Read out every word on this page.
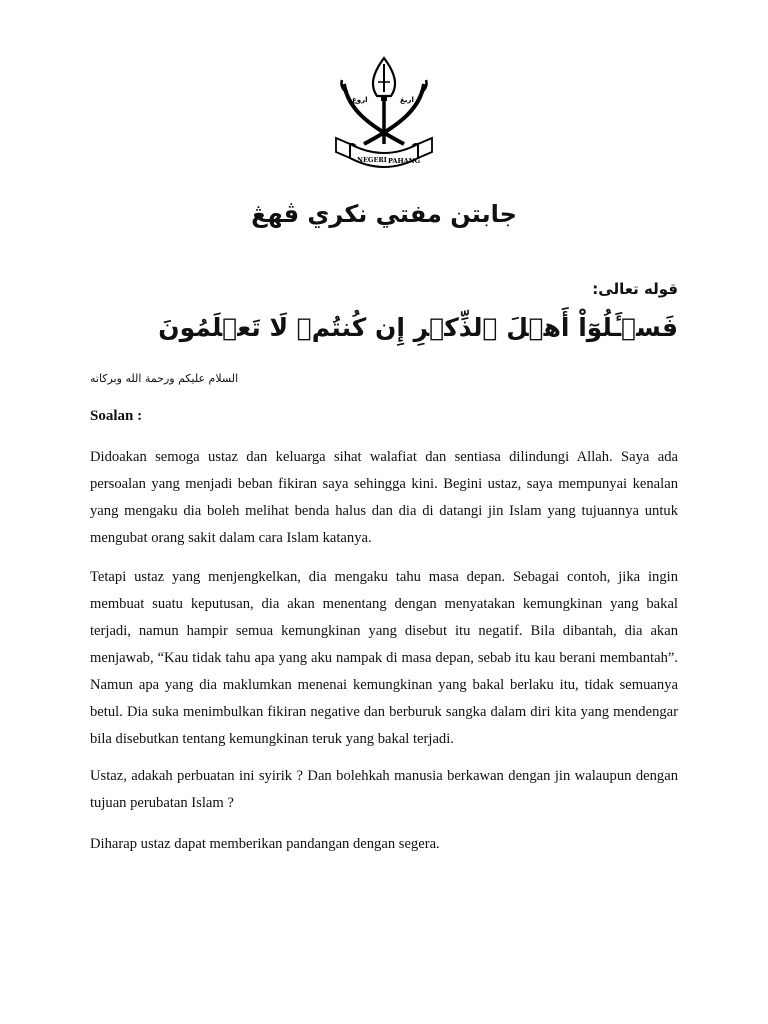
اروغ	اربڠ
NEGERI PAHANG
جابتن مفتي نكري ڤهڠ
قوله تعالى:
فَسۡـَٔلُوٓاْ أَهۡلَ ٱلذِّكۡرِ إِن كُنتُمۡ لَا تَعۡلَمُونَ
السلام عليكم ورحمة الله وبركاته
Soalan :

Didoakan semoga ustaz dan keluarga sihat walafiat dan sentiasa dilindungi Allah. Saya ada persoalan yang menjadi beban fikiran saya sehingga kini. Begini ustaz, saya mempunyai kenalan yang mengaku dia boleh melihat benda halus dan dia di datangi jin Islam yang tujuannya untuk mengubat orang sakit dalam cara Islam katanya.

Tetapi ustaz yang menjengkelkan, dia mengaku tahu masa depan. Sebagai contoh, jika ingin membuat suatu keputusan, dia akan menentang dengan menyatakan kemungkinan yang bakal terjadi, namun hampir semua kemungkinan yang disebut itu negatif. Bila dibantah, dia akan menjawab, “Kau tidak tahu apa yang aku nampak di masa depan, sebab itu kau berani membantah”. Namun apa yang dia maklumkan menenai kemungkinan yang bakal berlaku itu, tidak semuanya betul. Dia suka menimbulkan fikiran negative dan berburuk sangka dalam diri kita yang mendengar bila disebutkan tentang kemungkinan teruk yang bakal terjadi.

Ustaz, adakah perbuatan ini syirik ? Dan bolehkah manusia berkawan dengan jin walaupun dengan tujuan perubatan Islam ?

Diharap ustaz dapat memberikan pandangan dengan segera.
